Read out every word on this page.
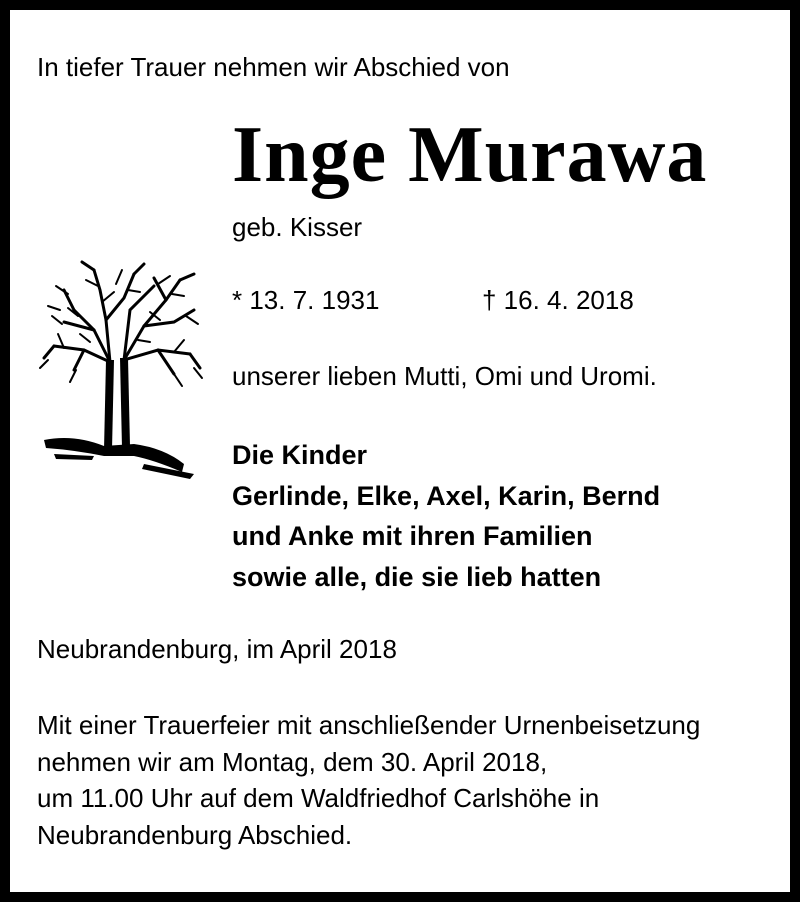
In tiefer Trauer nehmen wir Abschied von
Inge Murawa
geb. Kisser
* 13. 7. 1931	† 16. 4. 2018
unserer lieben Mutti, Omi und Uromi.
Die Kinder
Gerlinde, Elke, Axel, Karin, Bernd
und Anke mit ihren Familien
sowie alle, die sie lieb hatten
Neubrandenburg, im April 2018
Mit einer Trauerfeier mit anschließender Urnenbeisetzung
nehmen wir am Montag, dem 30. April 2018,
um 11.00 Uhr auf dem Waldfriedhof Carlshöhe in
Neubrandenburg Abschied.
